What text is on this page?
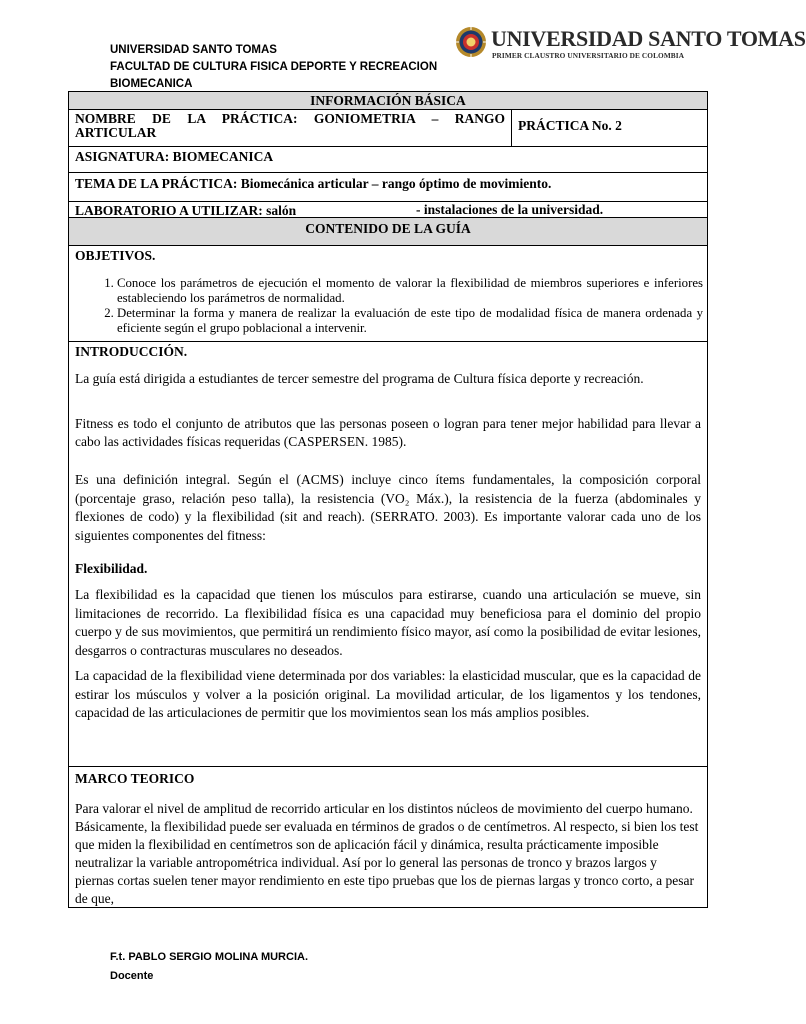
UNIVERSIDAD SANTO TOMAS
FACULTAD DE CULTURA FISICA DEPORTE Y RECREACION
BIOMECANICA
UNIVERSIDAD SANTO TOMAS
PRIMER CLAUSTRO UNIVERSITARIO DE COLOMBIA
INFORMACIÓN BÁSICA
NOMBRE DE LA PRÁCTICA: GONIOMETRIA – RANGO ARTICULAR	PRÁCTICA No. 2
ASIGNATURA: BIOMECANICA
TEMA DE LA PRÁCTICA: Biomecánica articular – rango óptimo de movimiento.
LABORATORIO A UTILIZAR: salón	- instalaciones de la universidad.
CONTENIDO DE LA GUÍA
OBJETIVOS.
1. Conoce los parámetros de ejecución el momento de valorar la flexibilidad de miembros superiores e inferiores estableciendo los parámetros de normalidad.
2. Determinar la forma y manera de realizar la evaluación de este tipo de modalidad física de manera ordenada y eficiente según el grupo poblacional a intervenir.
INTRODUCCIÓN.

La guía está dirigida a estudiantes de tercer semestre del programa de Cultura física deporte y recreación.

Fitness es todo el conjunto de atributos que las personas poseen o logran para tener mejor habilidad para llevar a cabo las actividades físicas requeridas (CASPERSEN. 1985).

Es una definición integral. Según el (ACMS) incluye cinco ítems fundamentales, la composición corporal (porcentaje graso, relación peso talla), la resistencia (VO₂ Máx.), la resistencia de la fuerza (abdominales y flexiones de codo) y la flexibilidad (sit and reach). (SERRATO. 2003). Es importante valorar cada uno de los siguientes componentes del fitness:

Flexibilidad.

La flexibilidad es la capacidad que tienen los músculos para estirarse, cuando una articulación se mueve, sin limitaciones de recorrido. La flexibilidad física es una capacidad muy beneficiosa para el dominio del propio cuerpo y de sus movimientos, que permitirá un rendimiento físico mayor, así como la posibilidad de evitar lesiones, desgarros o contracturas musculares no deseados.

La capacidad de la flexibilidad viene determinada por dos variables: la elasticidad muscular, que es la capacidad de estirar los músculos y volver a la posición original. La movilidad articular, de los ligamentos y los tendones, capacidad de las articulaciones de permitir que los movimientos sean los más amplios posibles.

MARCO TEORICO

Para valorar el nivel de amplitud de recorrido articular en los distintos núcleos de movimiento del cuerpo humano. Básicamente, la flexibilidad puede ser evaluada en términos de grados o de centímetros. Al respecto, si bien los test que miden la flexibilidad en centímetros son de aplicación fácil y dinámica, resulta prácticamente imposible neutralizar la variable antropométrica individual. Así por lo general las personas de tronco y brazos largos y piernas cortas suelen tener mayor rendimiento en este tipo pruebas que los de piernas largas y tronco corto, a pesar de que,

F.t. PABLO SERGIO MOLINA MURCIA.
Docente
